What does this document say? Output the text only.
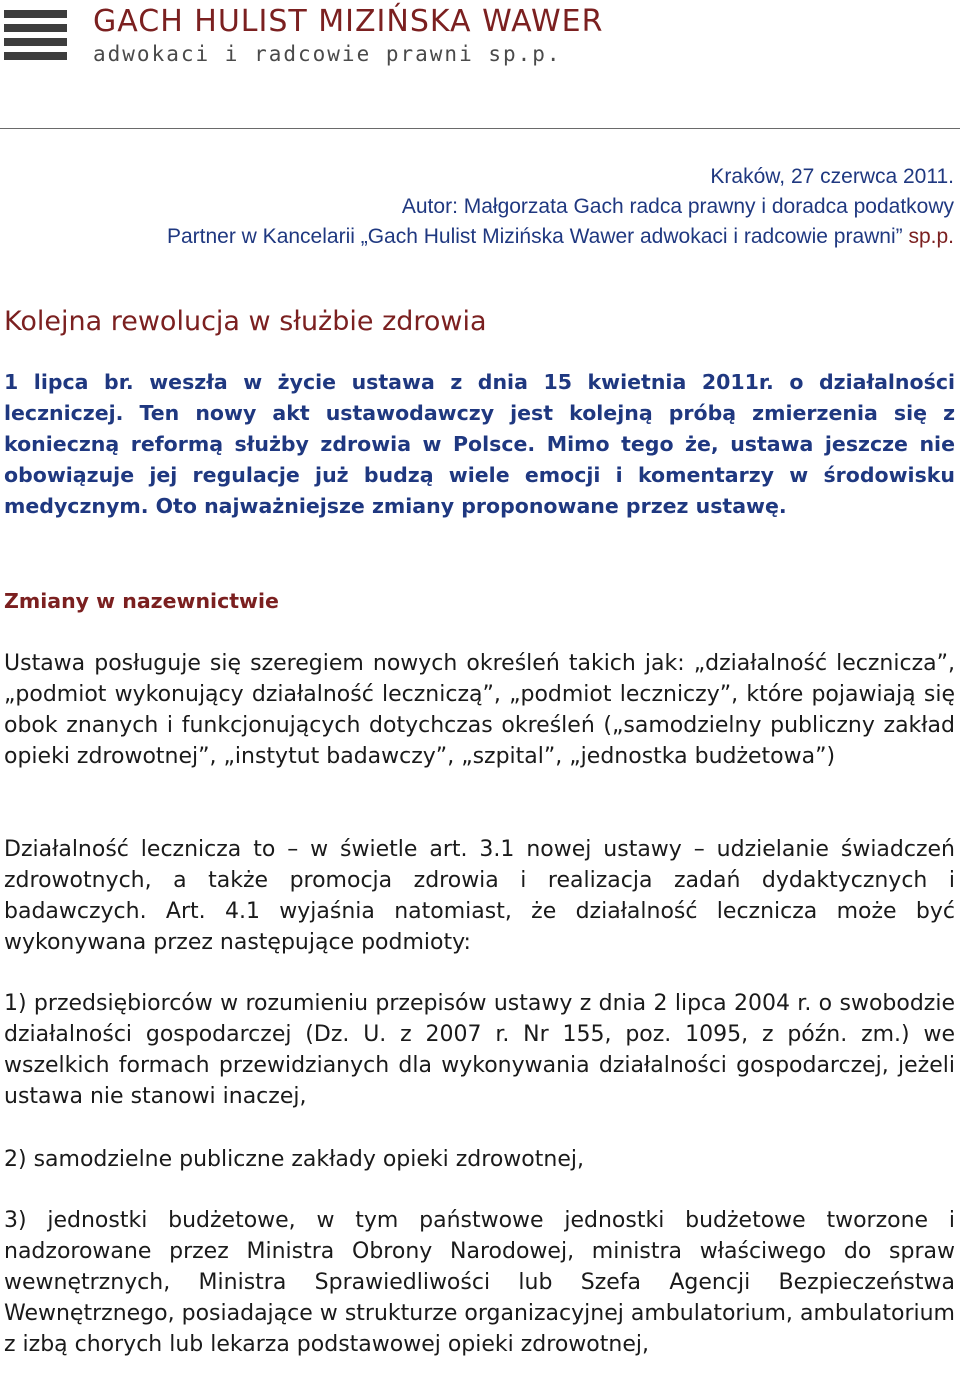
GACH HULIST MIZIŃSKA WAWER
adwokaci i radcowie prawni sp.p.
Kraków, 27 czerwca 2011.
Autor: Małgorzata Gach radca prawny i doradca podatkowy
Partner w Kancelarii „Gach Hulist Mizińska Wawer adwokaci i radcowie prawni” sp.p.
Kolejna rewolucja w służbie zdrowia
1 lipca br. weszła w życie ustawa z dnia 15 kwietnia 2011r. o działalności leczniczej. Ten nowy akt ustawodawczy jest kolejną próbą zmierzenia się z konieczną reformą służby zdrowia w Polsce. Mimo tego że, ustawa jeszcze nie obowiązuje jej regulacje już budzą wiele emocji i komentarzy w środowisku medycznym. Oto najważniejsze zmiany proponowane przez ustawę.
Zmiany w nazewnictwie
Ustawa posługuje się szeregiem nowych określeń takich jak: „działalność lecznicza”, „podmiot wykonujący działalność leczniczą”, „podmiot leczniczy”, które pojawiają się obok znanych i funkcjonujących dotychczas określeń („samodzielny publiczny zakład opieki zdrowotnej”, „instytut badawczy”, „szpital”, „jednostka budżetowa”)
Działalność lecznicza to – w świetle art. 3.1 nowej ustawy – udzielanie świadczeń zdrowotnych, a także promocja zdrowia i realizacja zadań dydaktycznych i badawczych. Art. 4.1 wyjaśnia natomiast, że działalność lecznicza może być wykonywana przez następujące podmioty:
1) przedsiębiorców w rozumieniu przepisów ustawy z dnia 2 lipca 2004 r. o swobodzie działalności gospodarczej (Dz. U. z 2007 r. Nr 155, poz. 1095, z późn. zm.) we wszelkich formach przewidzianych dla wykonywania działalności gospodarczej, jeżeli ustawa nie stanowi inaczej,
2) samodzielne publiczne zakłady opieki zdrowotnej,
3) jednostki budżetowe, w tym państwowe jednostki budżetowe tworzone i nadzorowane przez Ministra Obrony Narodowej, ministra właściwego do spraw wewnętrznych, Ministra Sprawiedliwości lub Szefa Agencji Bezpieczeństwa Wewnętrznego, posiadające w strukturze organizacyjnej ambulatorium, ambulatorium z izbą chorych lub lekarza podstawowej opieki zdrowotnej,
